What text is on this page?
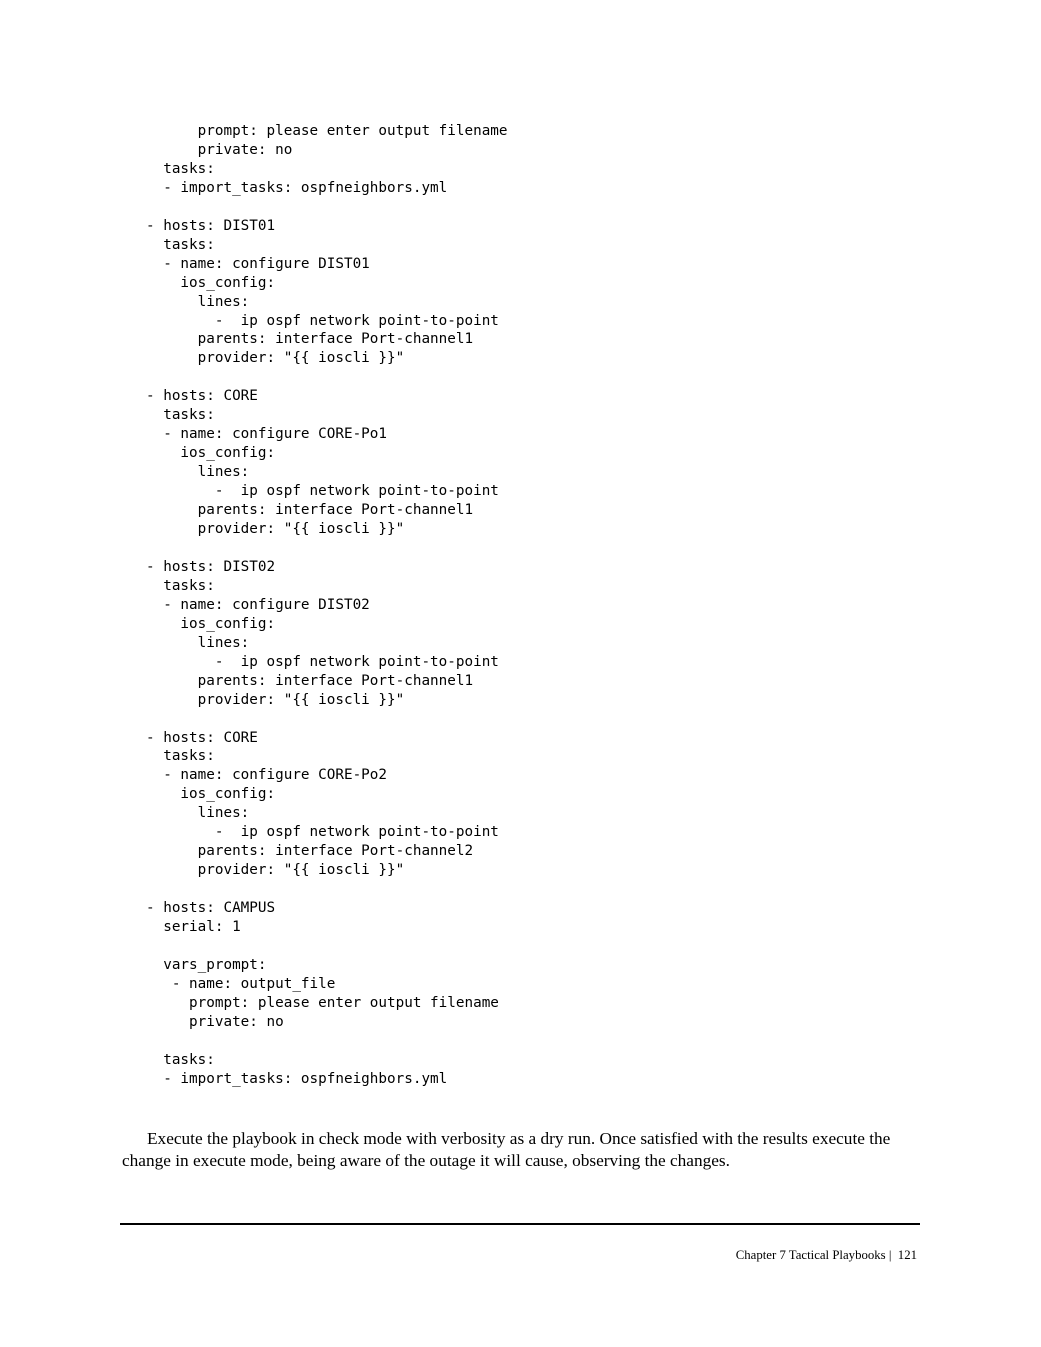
prompt: please enter output filename
private: no
tasks:
- import_tasks: ospfneighbors.yml
- hosts: DIST01
tasks:
- name: configure DIST01
ios_config:
lines:
-  ip ospf network point-to-point
parents: interface Port-channel1
provider: "{{ ioscli }}"
- hosts: CORE
tasks:
- name: configure CORE-Po1
ios_config:
lines:
-  ip ospf network point-to-point
parents: interface Port-channel1
provider: "{{ ioscli }}"
- hosts: DIST02
tasks:
- name: configure DIST02
ios_config:
lines:
-  ip ospf network point-to-point
parents: interface Port-channel1
provider: "{{ ioscli }}"
- hosts: CORE
tasks:
- name: configure CORE-Po2
ios_config:
lines:
-  ip ospf network point-to-point
parents: interface Port-channel2
provider: "{{ ioscli }}"
- hosts: CAMPUS
serial: 1
vars_prompt:
- name: output_file
prompt: please enter output filename
private: no
tasks:
- import_tasks: ospfneighbors.yml

Execute the playbook in check mode with verbosity as a dry run. Once satisfied with the results execute the change in execute mode, being aware of the outage it will cause, observing the changes.

Chapter 7 Tactical Playbooks |  121
